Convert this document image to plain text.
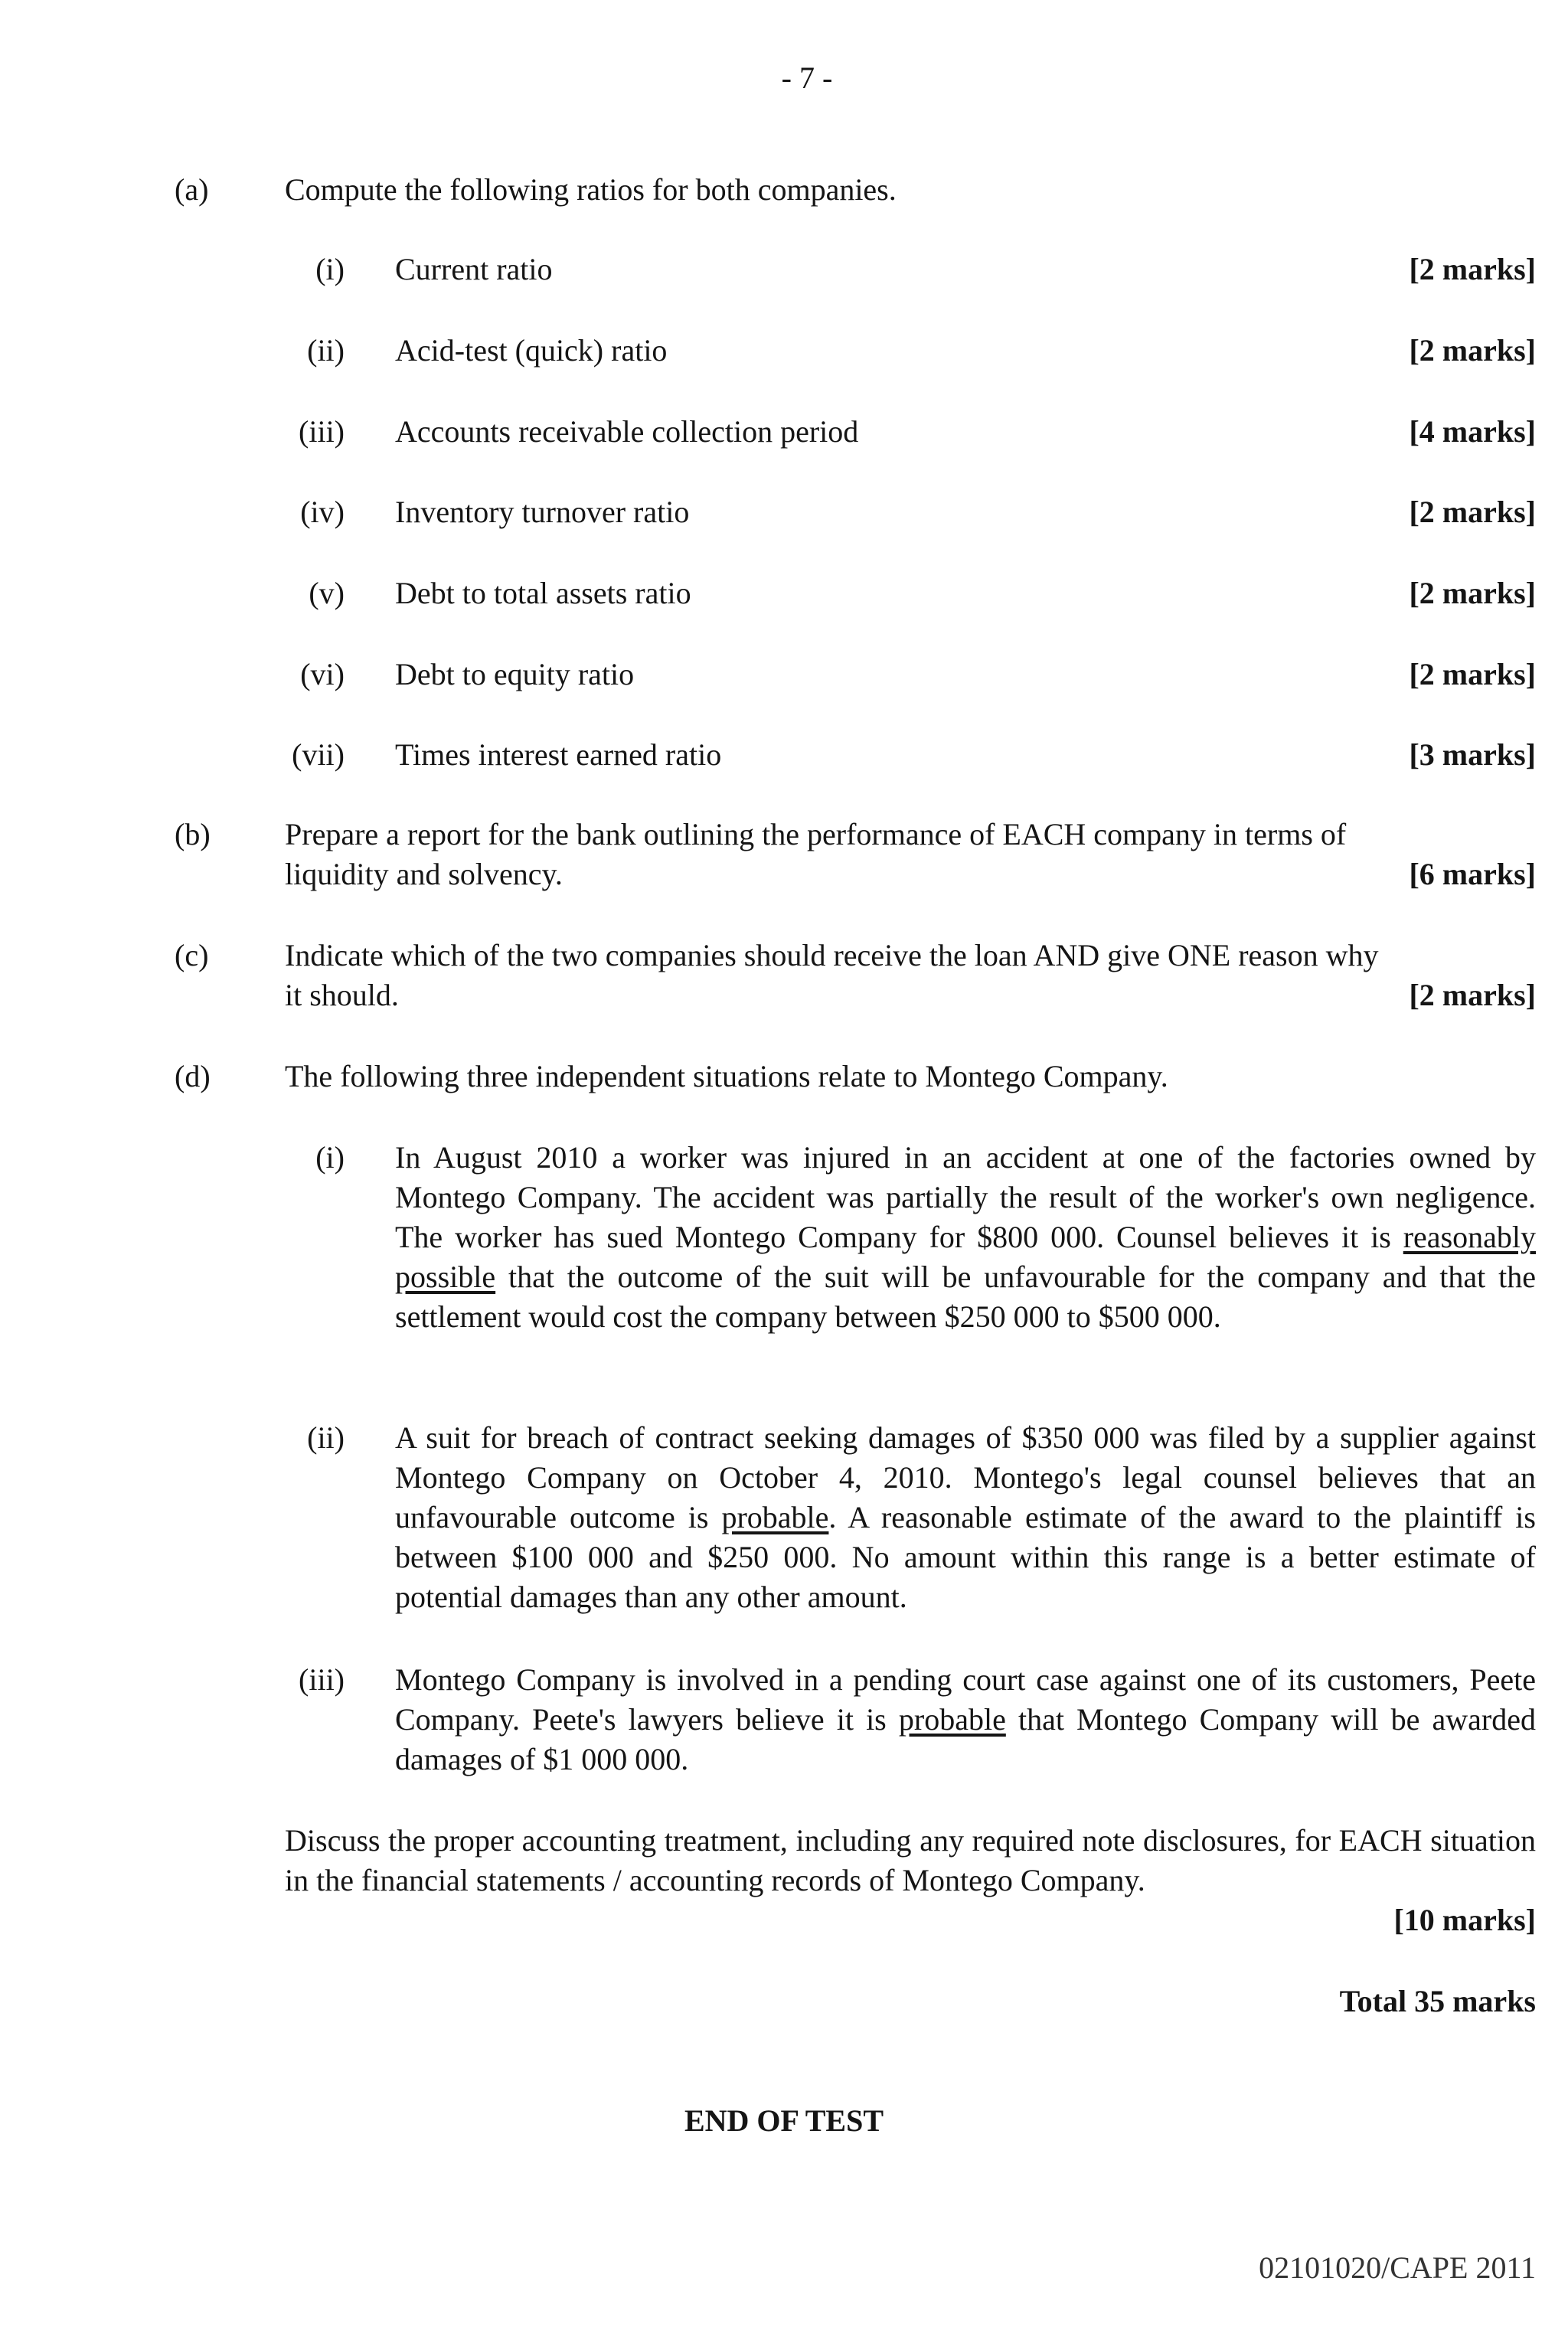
- 7 -
(a) Compute the following ratios for both companies.
(i) Current ratio	[2 marks]
(ii) Acid-test (quick) ratio	[2 marks]
(iii) Accounts receivable collection period	[4 marks]
(iv) Inventory turnover ratio	[2 marks]
(v) Debt to total assets ratio	[2 marks]
(vi) Debt to equity ratio	[2 marks]
(vii) Times interest earned ratio	[3 marks]
(b) Prepare a report for the bank outlining the performance of EACH company in terms of
liquidity and solvency.	[6 marks]
(c) Indicate which of the two companies should receive the loan AND give ONE reason why
it should.	[2 marks]
(d) The following three independent situations relate to Montego Company.
(i) In August 2010 a worker was injured in an accident at one of the factories owned by Montego Company. The accident was partially the result of the worker's own negligence. The worker has sued Montego Company for $800 000. Counsel believes it is reasonably possible that the outcome of the suit will be unfavourable for the company and that the settlement would cost the company between $250 000 to $500 000.
(ii) A suit for breach of contract seeking damages of $350 000 was filed by a supplier against Montego Company on October 4, 2010. Montego's legal counsel believes that an unfavourable outcome is probable. A reasonable estimate of the award to the plaintiff is between $100 000 and $250 000. No amount within this range is a better estimate of potential damages than any other amount.
(iii) Montego Company is involved in a pending court case against one of its customers, Peete Company. Peete's lawyers believe it is probable that Montego Company will be awarded damages of $1 000 000.
Discuss the proper accounting treatment, including any required note disclosures, for EACH situation in the financial statements / accounting records of Montego Company.
[10 marks]
Total 35 marks
END OF TEST
02101020/CAPE 2011
